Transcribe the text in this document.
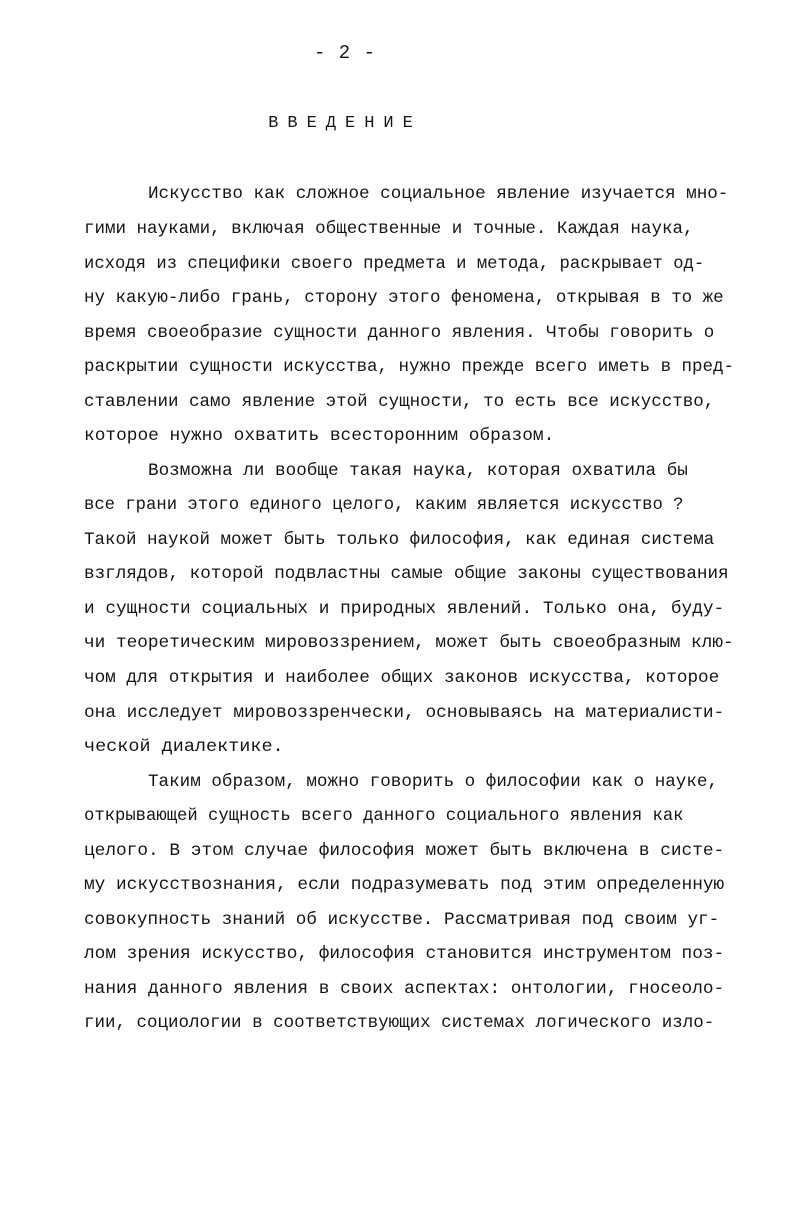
- 2 -
ВВЕДЕНИЕ
Искусство как сложное социальное явление изучается мно-
гими науками, включая общественные и точные. Каждая наука,
исходя из специфики своего предмета и метода, раскрывает од-
ну какую-либо грань, сторону этого феномена, открывая в то же
время своеобразие сущности данного явления. Чтобы говорить о
раскрытии сущности искусства, нужно прежде всего иметь в пред-
ставлении само явление этой сущности, то есть все искусство,
которое нужно охватить всесторонним образом.
Возможна ли вообще такая наука, которая охватила бы
все грани этого единого целого, каким является искусство ?
Такой наукой может быть только философия, как единая система
взглядов, которой подвластны самые общие законы существования
и сущности социальных и природных явлений. Только она, буду-
чи теоретическим мировоззрением, может быть своеобразным клю-
чом для открытия и наиболее общих законов искусства, которое
она исследует мировоззренчески, основываясь на материалисти-
ческой диалектике.
Таким образом, можно говорить о философии как о науке,
открывающей сущность всего данного социального явления как
целого. В этом случае философия может быть включена в систе-
му искусствознания, если подразумевать под этим определенную
совокупность знаний об искусстве. Рассматривая под своим уг-
лом зрения искусство, философия становится инструментом поз-
нания данного явления в своих аспектах: онтологии, гносеоло-
гии, социологии в соответствующих системах логического изло-
